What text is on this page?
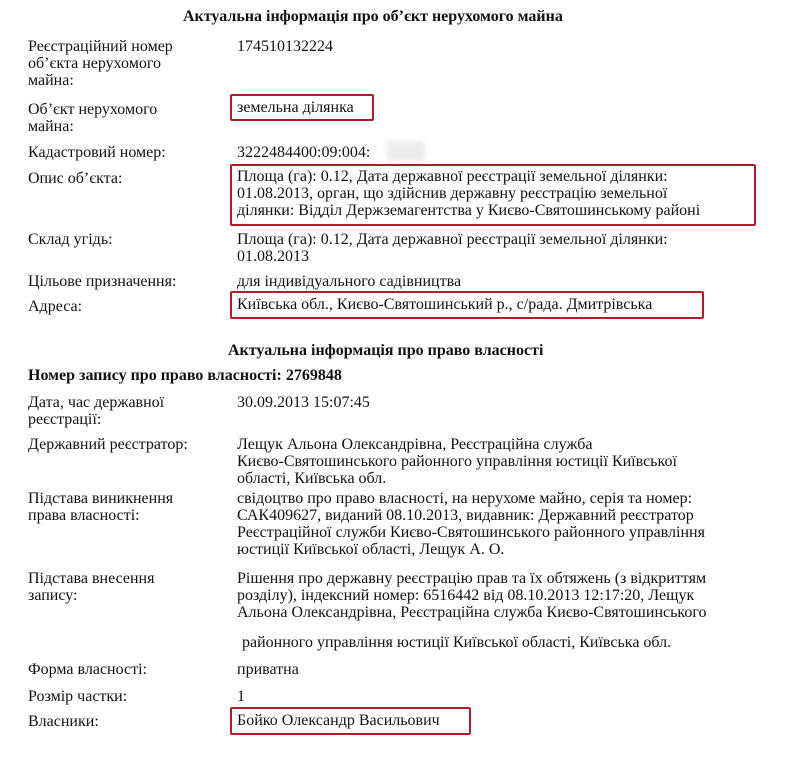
Актуальна інформація про об’єкт нерухомого майна
Реєстраційний номер
об’єкта нерухомого
майна:
174510132224
Об’єкт нерухомого
майна:
земельна ділянка
Кадастровий номер:	3222484400:09:004:
Опис об’єкта:	Площа (га): 0.12, Дата державної реєстрації земельної ділянки:
01.08.2013, орган, що здійснив державну реєстрацію земельної
ділянки: Відділ Держземагентства у Києво-Святошинському районі
Склад угідь:	Площа (га): 0.12, Дата державної реєстрації земельної ділянки:
01.08.2013
Цільове призначення:	для індивідуального садівництва
Адреса:	Київська обл., Києво-Святошинський р., с/рада. Дмитрівська
Актуальна інформація про право власності
Номер запису про право власності: 2769848
Дата, час державної
реєстрації:
30.09.2013 15:07:45
Державний реєстратор:	Лещук Альона Олександрівна, Реєстраційна служба
Києво-Святошинського районного управління юстиції Київської
області, Київська обл.
Підстава виникнення
права власності:
свідоцтво про право власності, на нерухоме майно, серія та номер:
САК409627, виданий 08.10.2013, видавник: Державний реєстратор
Реєстраційної служби Києво-Святошинського районного управління
юстиції Київської області, Лещук А. О.
Підстава внесення
запису:
Рішення про державну реєстрацію прав та їх обтяжень (з відкриттям
розділу), індексний номер: 6516442 від 08.10.2013 12:17:20, Лещук
Альона Олександрівна, Реєстраційна служба Києво-Святошинського
районного управління юстиції Київської області, Київська обл.
Форма власності:	приватна
Розмір частки:	1
Власники:	Бойко Олександр Васильович
